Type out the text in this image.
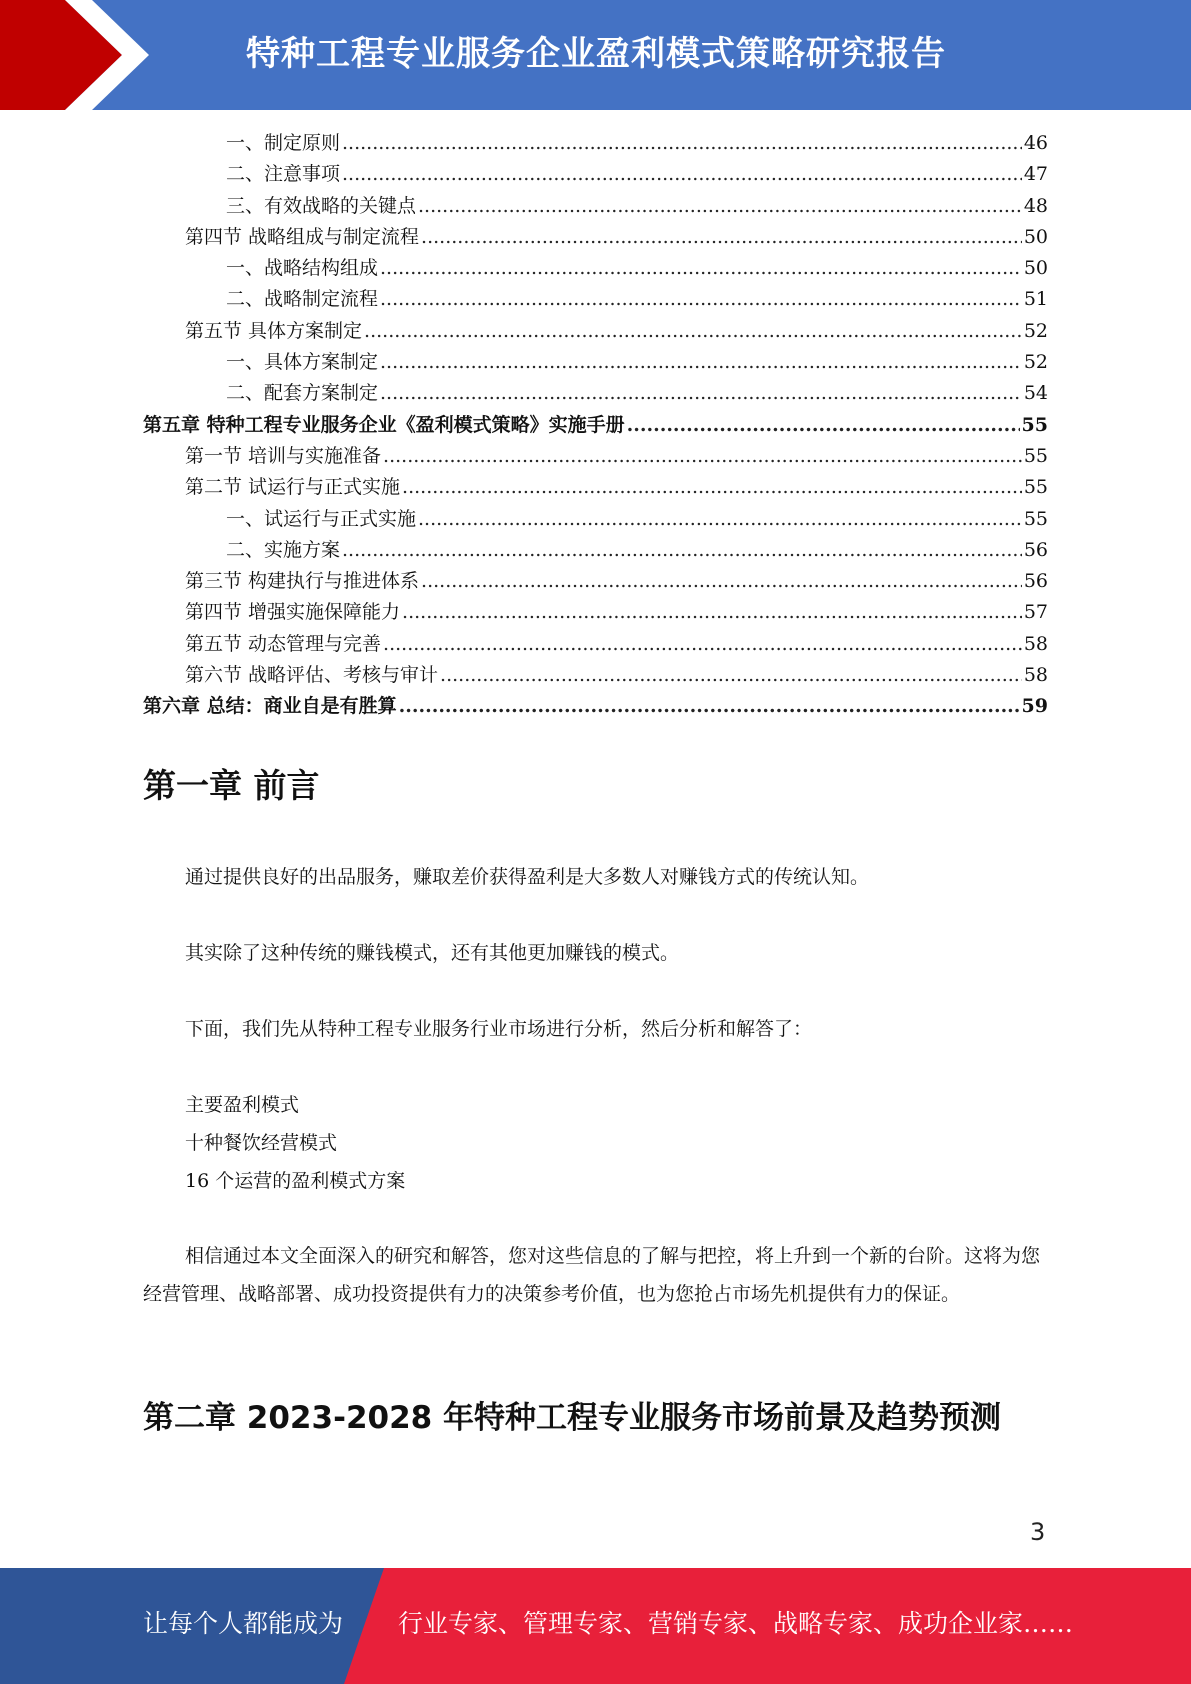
特种工程专业服务企业盈利模式策略研究报告
一、制定原则 .....	46
二、注意事项 .....	47
三、有效战略的关键点 .....	48
第四节 战略组成与制定流程 .....	50
一、战略结构组成 .....	50
二、战略制定流程 .....	51
第五节 具体方案制定 .....	52
一、具体方案制定 .....	52
二、配套方案制定 .....	54
第五章 特种工程专业服务企业《盈利模式策略》实施手册 .....	55
第一节 培训与实施准备 .....	55
第二节 试运行与正式实施 .....	55
一、试运行与正式实施 .....	55
二、实施方案 .....	56
第三节 构建执行与推进体系 .....	56
第四节 增强实施保障能力 .....	57
第五节 动态管理与完善 .....	58
第六节 战略评估、考核与审计 .....	58
第六章 总结：商业自是有胜算 .....	59
第一章 前言
通过提供良好的出品服务，赚取差价获得盈利是大多数人对赚钱方式的传统认知。
其实除了这种传统的赚钱模式，还有其他更加赚钱的模式。
下面，我们先从特种工程专业服务行业市场进行分析，然后分析和解答了：
主要盈利模式
十种餐饮经营模式
16 个运营的盈利模式方案
相信通过本文全面深入的研究和解答，您对这些信息的了解与把控，将上升到一个新的台阶。这将为您经营管理、战略部署、成功投资提供有力的决策参考价值，也为您抢占市场先机提供有力的保证。
第二章 2023-2028 年特种工程专业服务市场前景及趋势预测
3
让每个人都能成为 行业专家、管理专家、营销专家、战略专家、成功企业家……
